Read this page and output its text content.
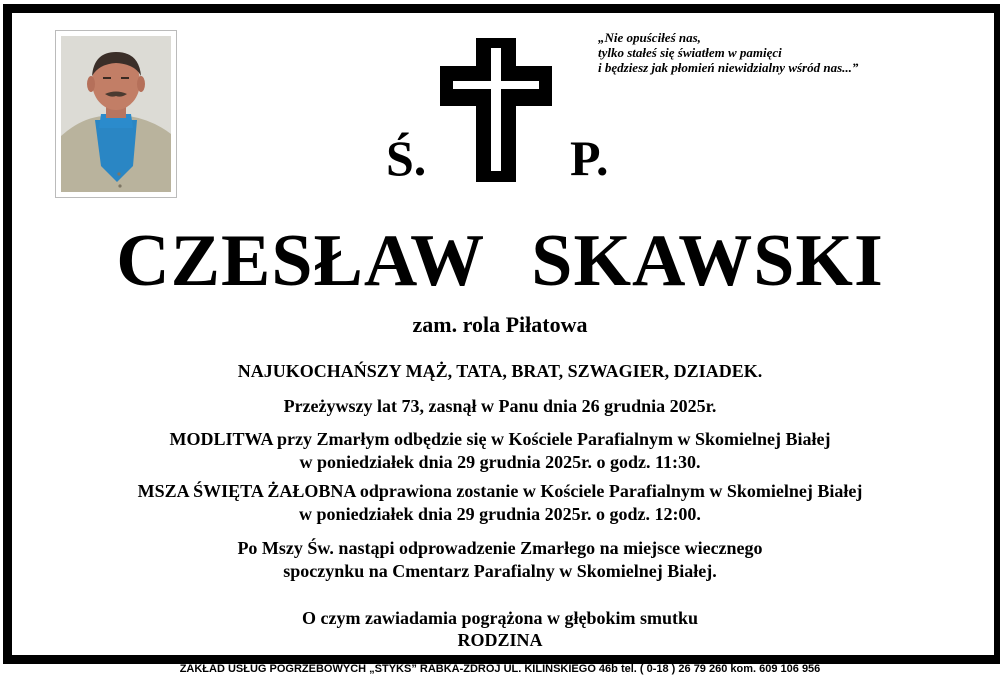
„Nie opuściłeś nas,
tylko stałeś się światłem w pamięci
i będziesz jak płomień niewidzialny wśród nas...”
Ś.	P.
CZESŁAW SKAWSKI
zam. rola Piłatowa
NAJUKOCHAŃSZY MĄŻ, TATA, BRAT, SZWAGIER, DZIADEK.
Przeżywszy lat 73, zasnął w Panu dnia 26 grudnia 2025r.
MODLITWA przy Zmarłym odbędzie się w Kościele Parafialnym w Skomielnej Białej
w poniedziałek dnia 29 grudnia 2025r. o godz. 11:30.
MSZA ŚWIĘTA ŻAŁOBNA odprawiona zostanie w Kościele Parafialnym w Skomielnej Białej
w poniedziałek dnia 29 grudnia 2025r. o godz. 12:00.
Po Mszy Św. nastąpi odprowadzenie Zmarłego na miejsce wiecznego
spoczynku na Cmentarz Parafialny w Skomielnej Białej.
O czym zawiadamia pogrążona w głębokim smutku
RODZINA
ZAKŁAD USŁUG POGRZEBOWYCH „STYKS” RABKA-ZDROJ UL. KILINSKIEGO 46b tel. ( 0-18 ) 26 79 260 kom. 609 106 956
